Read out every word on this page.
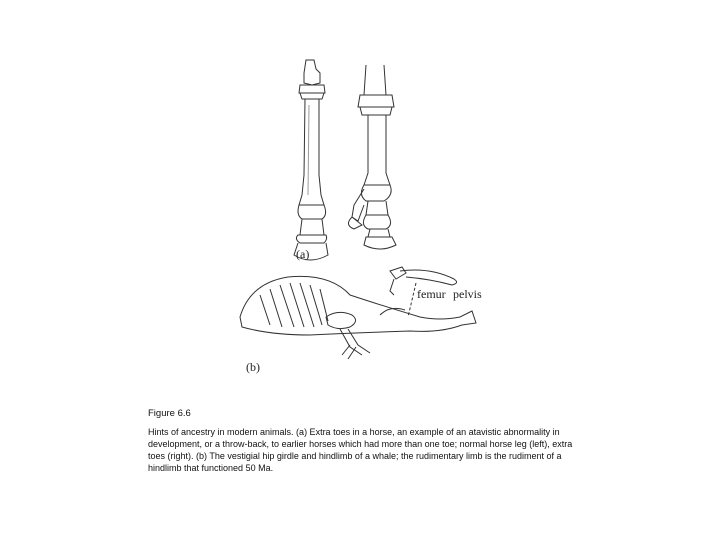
(a)
femur pelvis
(b)
Figure 6.6
Hints of ancestry in modern animals. (a) Extra toes in a horse, an example of an atavistic abnormality in development, or a throw-back, to earlier horses which had more than one toe; normal horse leg (left), extra toes (right). (b) The vestigial hip girdle and hindlimb of a whale; the rudimentary limb is the rudiment of a hindlimb that functioned 50 Ma.
